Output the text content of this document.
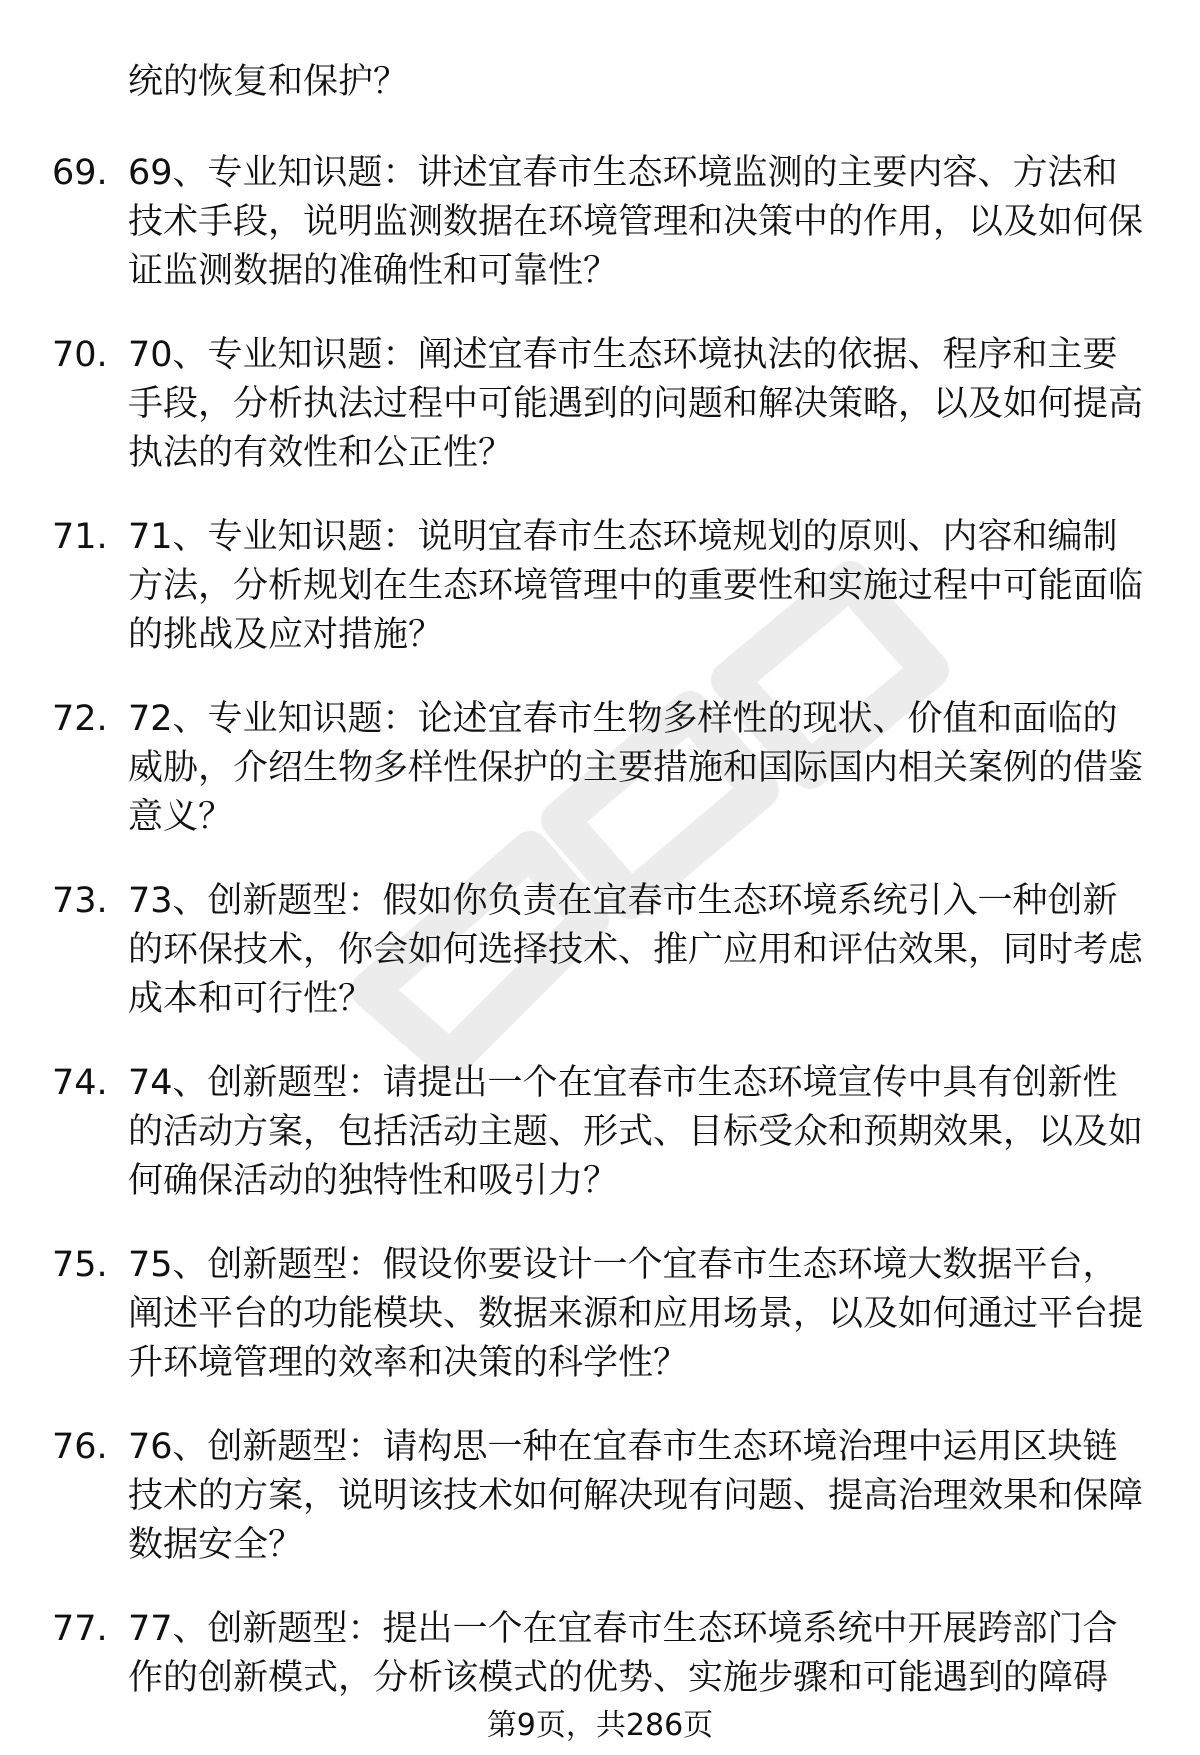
统的恢复和保护？

69. 69、专业知识题：讲述宜春市生态环境监测的主要内容、方法和技术手段，说明监测数据在环境管理和决策中的作用，以及如何保证监测数据的准确性和可靠性？
70. 70、专业知识题：阐述宜春市生态环境执法的依据、程序和主要手段，分析执法过程中可能遇到的问题和解决策略，以及如何提高执法的有效性和公正性？
71. 71、专业知识题：说明宜春市生态环境规划的原则、内容和编制方法，分析规划在生态环境管理中的重要性和实施过程中可能面临的挑战及应对措施？
72. 72、专业知识题：论述宜春市生物多样性的现状、价值和面临的威胁，介绍生物多样性保护的主要措施和国际国内相关案例的借鉴意义？
73. 73、创新题型：假如你负责在宜春市生态环境系统引入一种创新的环保技术，你会如何选择技术、推广应用和评估效果，同时考虑成本和可行性？
74. 74、创新题型：请提出一个在宜春市生态环境宣传中具有创新性的活动方案，包括活动主题、形式、目标受众和预期效果，以及如何确保活动的独特性和吸引力？
75. 75、创新题型：假设你要设计一个宜春市生态环境大数据平台，阐述平台的功能模块、数据来源和应用场景，以及如何通过平台提升环境管理的效率和决策的科学性？
76. 76、创新题型：请构思一种在宜春市生态环境治理中运用区块链技术的方案，说明该技术如何解决现有问题、提高治理效果和保障数据安全？
77. 77、创新题型：提出一个在宜春市生态环境系统中开展跨部门合作的创新模式，分析该模式的优势、实施步骤和可能遇到的障碍
第9页，共286页
